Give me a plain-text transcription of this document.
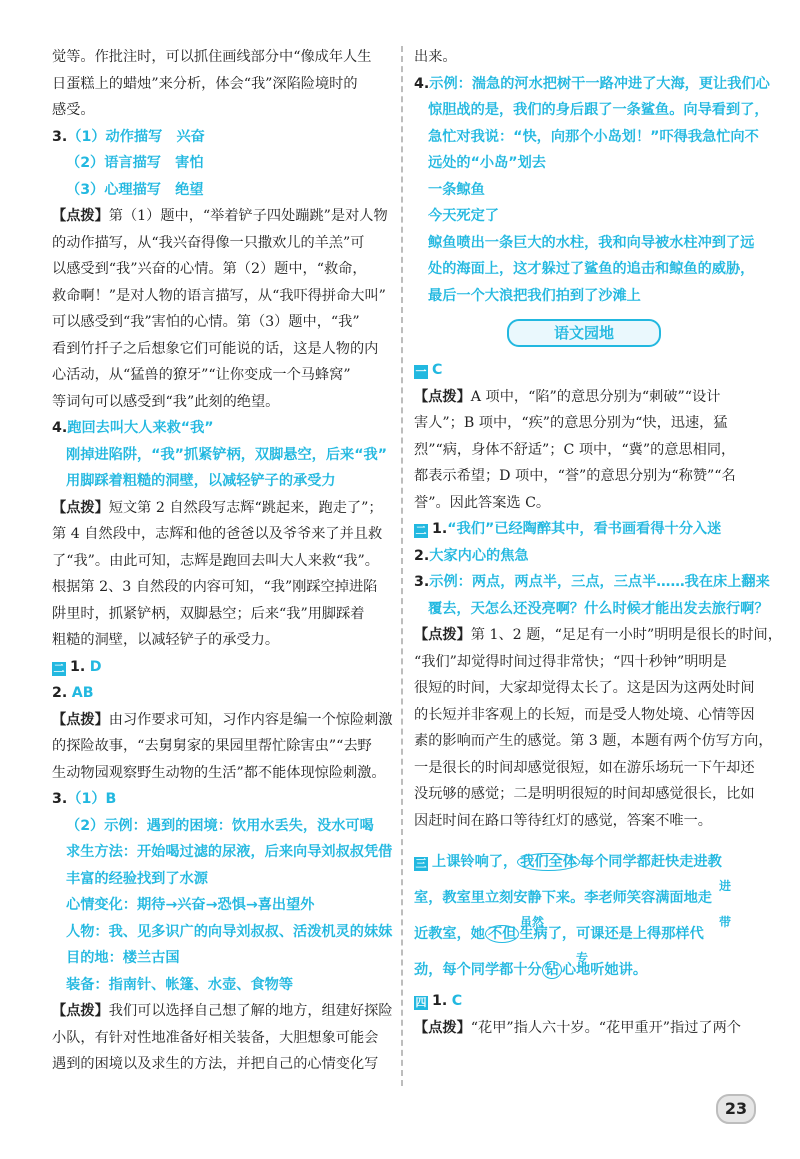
觉等。作批注时，可以抓住画线部分中“像成年人生
日蛋糕上的蜡烛”来分析，体会“我”深陷险境时的
感受。
3.（1）动作描写　兴奋
（2）语言描写　害怕
（3）心理描写　绝望
【点拨】第（1）题中，“举着铲子四处蹦跳”是对人物
的动作描写，从“我兴奋得像一只撒欢儿的羊羔”可
以感受到“我”兴奋的心情。第（2）题中，“救命，
救命啊！”是对人物的语言描写，从“我吓得拼命大叫”
可以感受到“我”害怕的心情。第（3）题中，“我”
看到竹扦子之后想象它们可能说的话，这是人物的内
心活动，从“猛兽的獠牙”“让你变成一个马蜂窝”
等词句可以感受到“我”此刻的绝望。
4.跑回去叫大人来救“我”
刚掉进陷阱，“我”抓紧铲柄，双脚悬空，后来“我”
用脚踩着粗糙的洞壁，以减轻铲子的承受力
【点拨】短文第 2 自然段写志辉“跳起来，跑走了”；
第 4 自然段中，志辉和他的爸爸以及爷爷来了并且救
了“我”。由此可知，志辉是跑回去叫大人来救“我”。
根据第 2、3 自然段的内容可知，“我”刚踩空掉进陷
阱里时，抓紧铲柄，双脚悬空；后来“我”用脚踩着
粗糙的洞壁，以减轻铲子的承受力。
二 1. D
2. AB
【点拨】由习作要求可知，习作内容是编一个惊险刺激
的探险故事，“去舅舅家的果园里帮忙除害虫”“去野
生动物园观察野生动物的生活”都不能体现惊险刺激。
3.（1）B
（2）示例：遇到的困境：饮用水丢失，没水可喝
求生方法：开始喝过滤的尿液，后来向导刘叔叔凭借
丰富的经验找到了水源
心情变化：期待→兴奋→恐惧→喜出望外
人物：我、见多识广的向导刘叔叔、活泼机灵的妹妹
目的地：楼兰古国
装备：指南针、帐篷、水壶、食物等
【点拨】我们可以选择自己想了解的地方，组建好探险
小队，有针对性地准备好相关装备，大胆想象可能会
遇到的困境以及求生的方法，并把自己的心情变化写
出来。
4.示例：湍急的河水把树干一路冲进了大海，更让我们心
惊胆战的是，我们的身后跟了一条鲨鱼。向导看到了，
急忙对我说：“快，向那个小岛划！”吓得我急忙向不
远处的“小岛”划去
一条鲸鱼
今天死定了
鲸鱼喷出一条巨大的水柱，我和向导被水柱冲到了远
处的海面上，这才躲过了鲨鱼的追击和鲸鱼的威胁，
最后一个大浪把我们拍到了沙滩上
语文园地
一 C
【点拨】A 项中，“陷”的意思分别为“刺破”“设计
害人”；B 项中，“疾”的意思分别为“快，迅速，猛
烈”“病，身体不舒适”；C 项中，“冀”的意思相同，
都表示希望；D 项中，“誉”的意思分别为“称赞”“名
誉”。因此答案选 C。
二 1.“我们”已经陶醉其中，看书画看得十分入迷
2.大家内心的焦急
3.示例：两点，两点半，三点，三点半……我在床上翻来
覆去，天怎么还没亮啊？什么时候才能出发去旅行啊？
【点拨】第 1、2 题，“足足有一小时”明明是很长的时间，
“我们”却觉得时间过得非常快；“四十秒钟”明明是
很短的时间，大家却觉得太长了。这是因为这两处时间
的长短并非客观上的长短，而是受人物处境、心情等因
素的影响而产生的感觉。第 3 题，本题有两个仿写方向，
一是很长的时间却感觉很短，如在游乐场玩一下午却还
没玩够的感觉；二是明明很短的时间却感觉很长，比如
因赶时间在路口等待红灯的感觉，答案不唯一。
三 上课铃响了， 我们全体 每个同学都赶快走进教
进
室，教室里立刻安静下来。李老师笑容满面地走
虽然	带
近教室，她 不但 生病了，可课还是上得那样代
专
劲，每个同学都十分 钻 心地听她讲。
四 1. C
【点拨】“花甲”指人六十岁。“花甲重开”指过了两个
23
